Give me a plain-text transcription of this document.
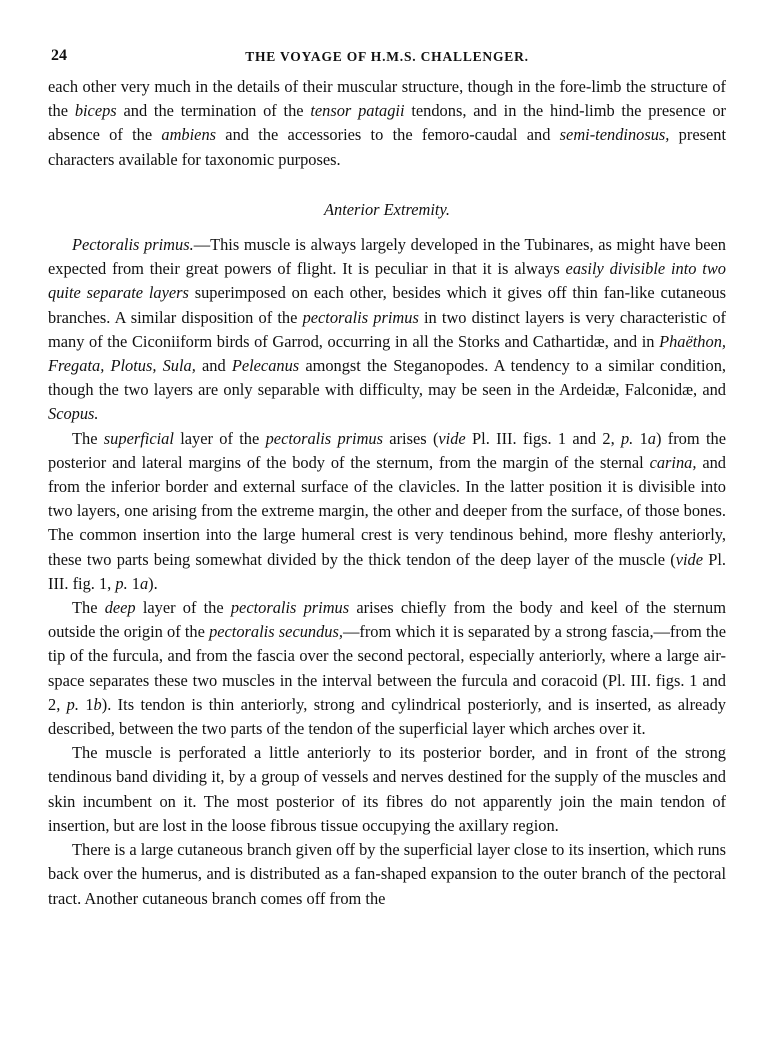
24	THE VOYAGE OF H.M.S. CHALLENGER.

each other very much in the details of their muscular structure, though in the fore-limb the structure of the biceps and the termination of the tensor patagii tendons, and in the hind-limb the presence or absence of the ambiens and the accessories to the femoro-caudal and semi-tendinosus, present characters available for taxonomic purposes.

Anterior Extremity.

Pectoralis primus.—This muscle is always largely developed in the Tubinares, as might have been expected from their great powers of flight. It is peculiar in that it is always easily divisible into two quite separate layers superimposed on each other, besides which it gives off thin fan-like cutaneous branches. A similar disposition of the pectoralis primus in two distinct layers is very characteristic of many of the Ciconiiform birds of Garrod, occurring in all the Storks and Cathartidæ, and in Phaëthon, Fregata, Plotus, Sula, and Pelecanus amongst the Steganopodes. A tendency to a similar condition, though the two layers are only separable with difficulty, may be seen in the Ardeidæ, Falconidæ, and Scopus.

The superficial layer of the pectoralis primus arises (vide Pl. III. figs. 1 and 2, p. 1a) from the posterior and lateral margins of the body of the sternum, from the margin of the sternal carina, and from the inferior border and external surface of the clavicles. In the latter position it is divisible into two layers, one arising from the extreme margin, the other and deeper from the surface, of those bones. The common insertion into the large humeral crest is very tendinous behind, more fleshy anteriorly, these two parts being somewhat divided by the thick tendon of the deep layer of the muscle (vide Pl. III. fig. 1, p. 1a).

The deep layer of the pectoralis primus arises chiefly from the body and keel of the sternum outside the origin of the pectoralis secundus,—from which it is separated by a strong fascia,—from the tip of the furcula, and from the fascia over the second pectoral, especially anteriorly, where a large air-space separates these two muscles in the interval between the furcula and coracoid (Pl. III. figs. 1 and 2, p. 1b). Its tendon is thin anteriorly, strong and cylindrical posteriorly, and is inserted, as already described, between the two parts of the tendon of the superficial layer which arches over it.

The muscle is perforated a little anteriorly to its posterior border, and in front of the strong tendinous band dividing it, by a group of vessels and nerves destined for the supply of the muscles and skin incumbent on it. The most posterior of its fibres do not apparently join the main tendon of insertion, but are lost in the loose fibrous tissue occupying the axillary region.

There is a large cutaneous branch given off by the superficial layer close to its insertion, which runs back over the humerus, and is distributed as a fan-shaped expansion to the outer branch of the pectoral tract. Another cutaneous branch comes off from the
